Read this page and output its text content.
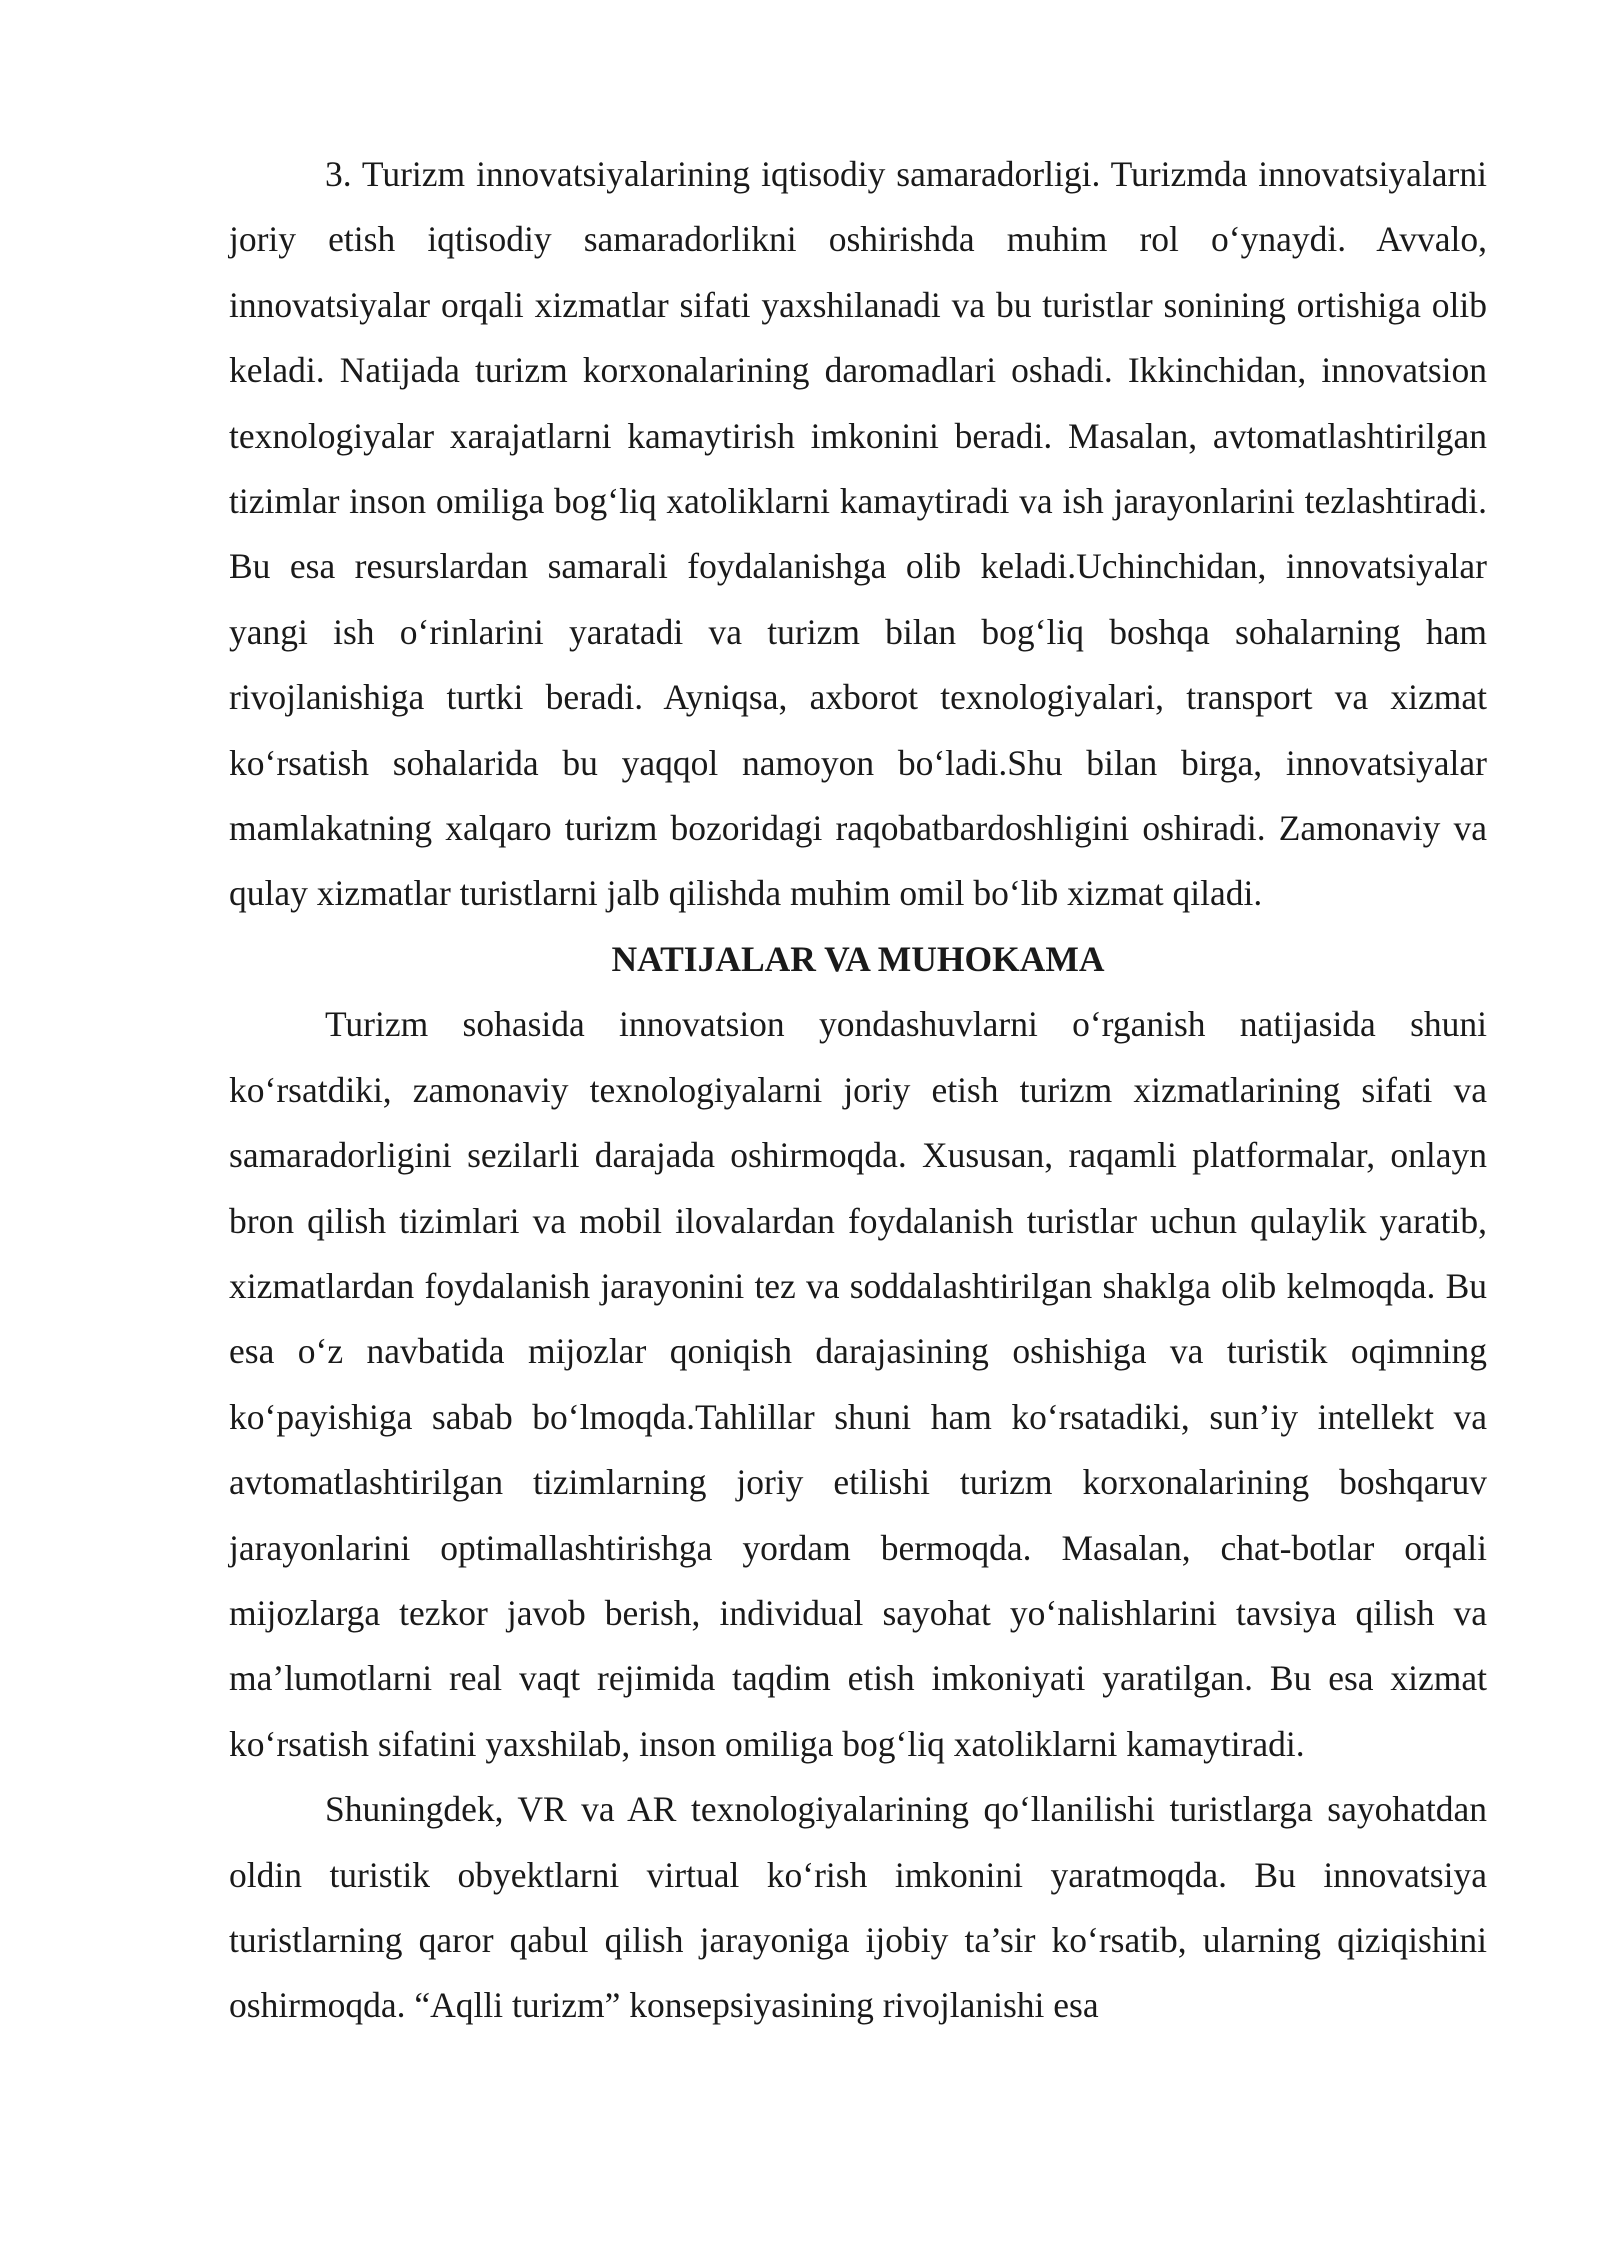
3. Turizm innovatsiyalarining iqtisodiy samaradorligi. Turizmda innovatsiyalarni joriy etish iqtisodiy samaradorlikni oshirishda muhim rol o‘ynaydi. Avvalo, innovatsiyalar orqali xizmatlar sifati yaxshilanadi va bu turistlar sonining ortishiga olib keladi. Natijada turizm korxonalarining daromadlari oshadi. Ikkinchidan, innovatsion texnologiyalar xarajatlarni kamaytirish imkonini beradi. Masalan, avtomatlashtirilgan tizimlar inson omiliga bog‘liq xatoliklarni kamaytiradi va ish jarayonlarini tezlashtiradi. Bu esa resurslardan samarali foydalanishga olib keladi.Uchinchidan, innovatsiyalar yangi ish o‘rinlarini yaratadi va turizm bilan bog‘liq boshqa sohalarning ham rivojlanishiga turtki beradi. Ayniqsa, axborot texnologiyalari, transport va xizmat ko‘rsatish sohalarida bu yaqqol namoyon bo‘ladi.Shu bilan birga, innovatsiyalar mamlakatning xalqaro turizm bozoridagi raqobatbardoshligini oshiradi. Zamonaviy va qulay xizmatlar turistlarni jalb qilishda muhim omil bo‘lib xizmat qiladi.

NATIJALAR VA MUHOKAMA

Turizm sohasida innovatsion yondashuvlarni o‘rganish natijasida shuni ko‘rsatdiki, zamonaviy texnologiyalarni joriy etish turizm xizmatlarining sifati va samaradorligini sezilarli darajada oshirmoqda. Xususan, raqamli platformalar, onlayn bron qilish tizimlari va mobil ilovalardan foydalanish turistlar uchun qulaylik yaratib, xizmatlardan foydalanish jarayonini tez va soddalashtirilgan shaklga olib kelmoqda. Bu esa o‘z navbatida mijozlar qoniqish darajasining oshishiga va turistik oqimning ko‘payishiga sabab bo‘lmoqda.Tahlillar shuni ham ko‘rsatadiki, sun’iy intellekt va avtomatlashtirilgan tizimlarning joriy etilishi turizm korxonalarining boshqaruv jarayonlarini optimallashtirishga yordam bermoqda. Masalan, chat-botlar orqali mijozlarga tezkor javob berish, individual sayohat yo‘nalishlarini tavsiya qilish va ma’lumotlarni real vaqt rejimida taqdim etish imkoniyati yaratilgan. Bu esa xizmat ko‘rsatish sifatini yaxshilab, inson omiliga bog‘liq xatoliklarni kamaytiradi.

Shuningdek, VR va AR texnologiyalarining qo‘llanilishi turistlarga sayohatdan oldin turistik obyektlarni virtual ko‘rish imkonini yaratmoqda. Bu innovatsiya turistlarning qaror qabul qilish jarayoniga ijobiy ta’sir ko‘rsatib, ularning qiziqishini oshirmoqda. “Aqlli turizm” konsepsiyasining rivojlanishi esa
